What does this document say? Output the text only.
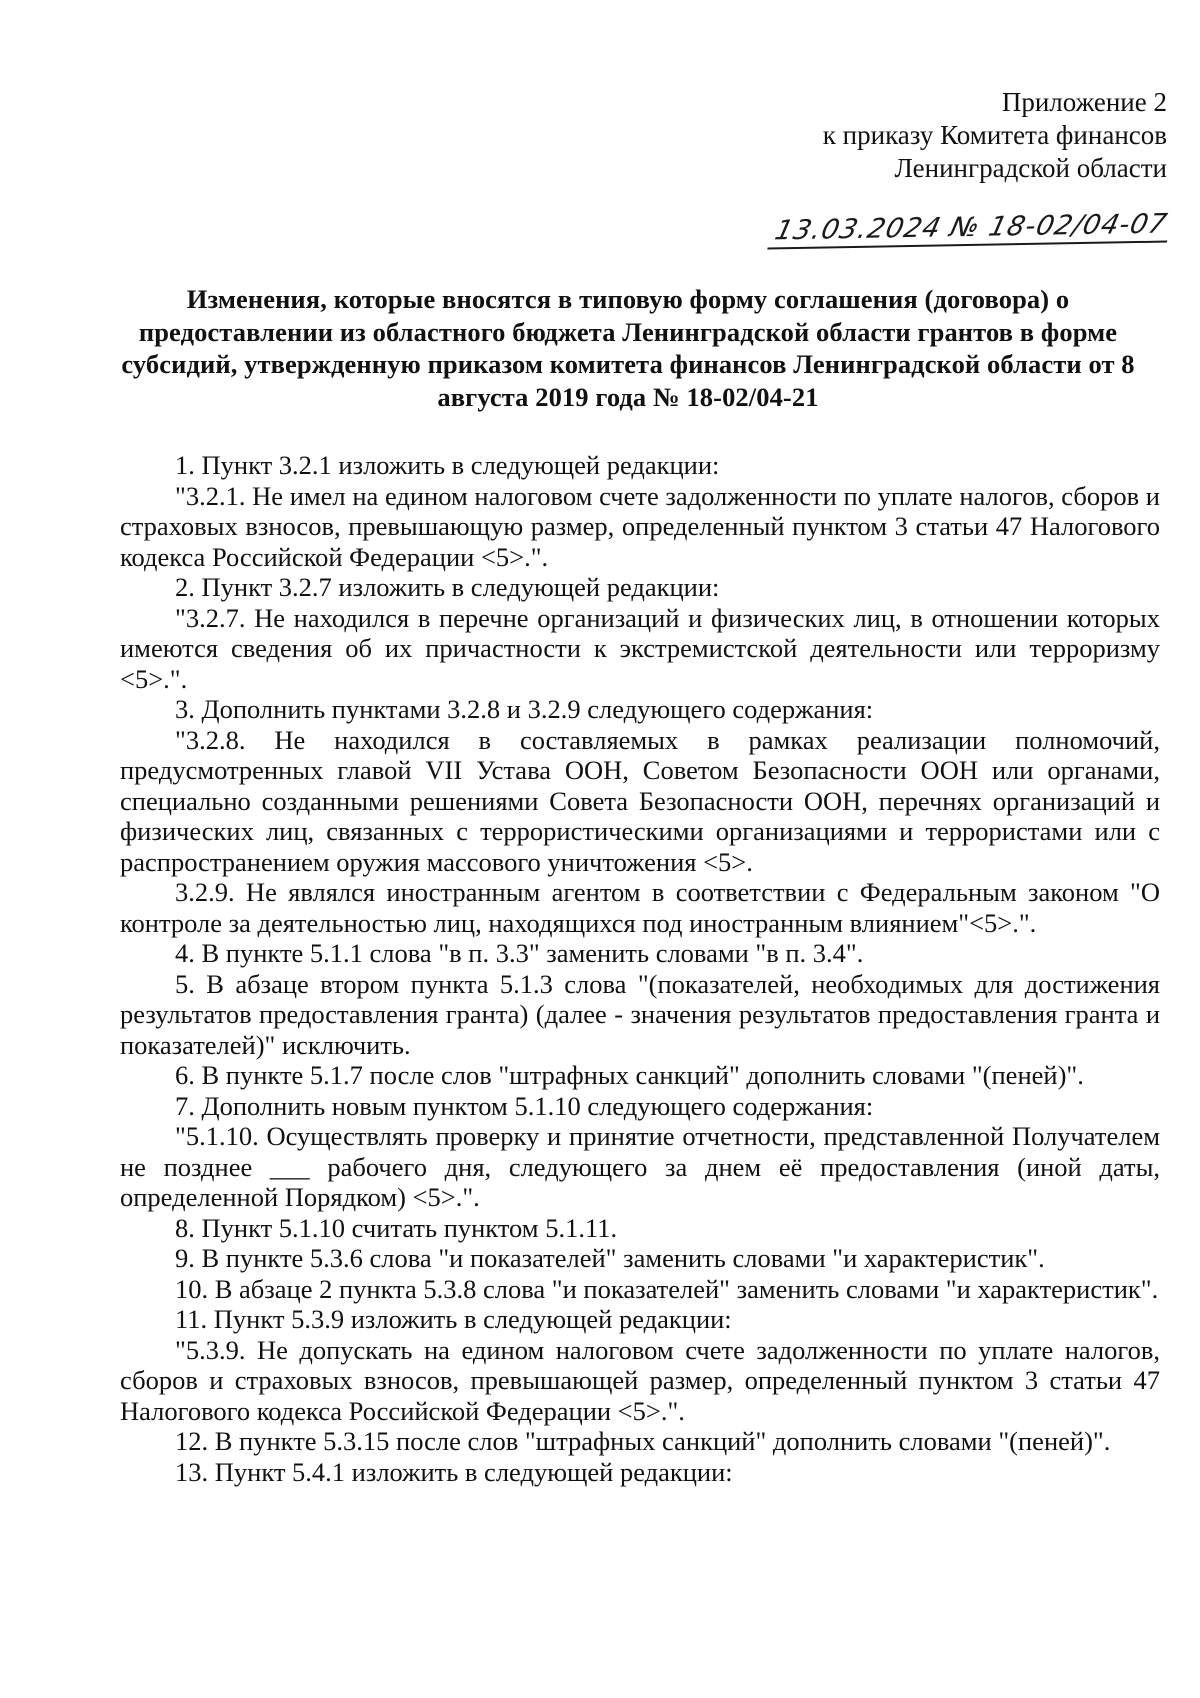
Приложение 2
к приказу Комитета финансов
Ленинградской области
13.03.2024 № 18-02/04-07
Изменения, которые вносятся в типовую форму соглашения (договора) о предоставлении из областного бюджета Ленинградской области грантов в форме субсидий, утвержденную приказом комитета финансов Ленинградской области от 8 августа 2019 года № 18-02/04-21

1. Пункт 3.2.1 изложить в следующей редакции:

"3.2.1. Не имел на едином налоговом счете задолженности по уплате налогов, сборов и страховых взносов, превышающую размер, определенный пунктом 3 статьи 47 Налогового кодекса Российской Федерации <5>.".

2. Пункт 3.2.7 изложить в следующей редакции:

"3.2.7. Не находился в перечне организаций и физических лиц, в отношении которых имеются сведения об их причастности к экстремистской деятельности или терроризму <5>.".

3. Дополнить пунктами 3.2.8 и 3.2.9 следующего содержания:

"3.2.8. Не находился в составляемых в рамках реализации полномочий, предусмотренных главой VII Устава ООН, Советом Безопасности ООН или органами, специально созданными решениями Совета Безопасности ООН, перечнях организаций и физических лиц, связанных с террористическими организациями и террористами или с распространением оружия массового уничтожения <5>.

3.2.9. Не являлся иностранным агентом в соответствии с Федеральным законом "О контроле за деятельностью лиц, находящихся под иностранным влиянием"<5>.".

4. В пункте 5.1.1 слова "в п. 3.3" заменить словами "в п. 3.4".

5. В абзаце втором пункта 5.1.3 слова "(показателей, необходимых для достижения результатов предоставления гранта) (далее - значения результатов предоставления гранта и показателей)" исключить.

6. В пункте 5.1.7 после слов "штрафных санкций" дополнить словами "(пеней)".

7. Дополнить новым пунктом 5.1.10 следующего содержания:

"5.1.10. Осуществлять проверку и принятие отчетности, представленной Получателем не позднее ___ рабочего дня, следующего за днем её предоставления (иной даты, определенной Порядком) <5>.".

8. Пункт 5.1.10 считать пунктом 5.1.11.

9. В пункте 5.3.6 слова "и показателей" заменить словами "и характеристик".

10. В абзаце 2 пункта 5.3.8 слова "и показателей" заменить словами "и характеристик".

11. Пункт 5.3.9 изложить в следующей редакции:

"5.3.9. Не допускать на едином налоговом счете задолженности по уплате налогов, сборов и страховых взносов, превышающей размер, определенный пунктом 3 статьи 47 Налогового кодекса Российской Федерации <5>.".

12. В пункте 5.3.15 после слов "штрафных санкций" дополнить словами "(пеней)".

13. Пункт 5.4.1 изложить в следующей редакции:
